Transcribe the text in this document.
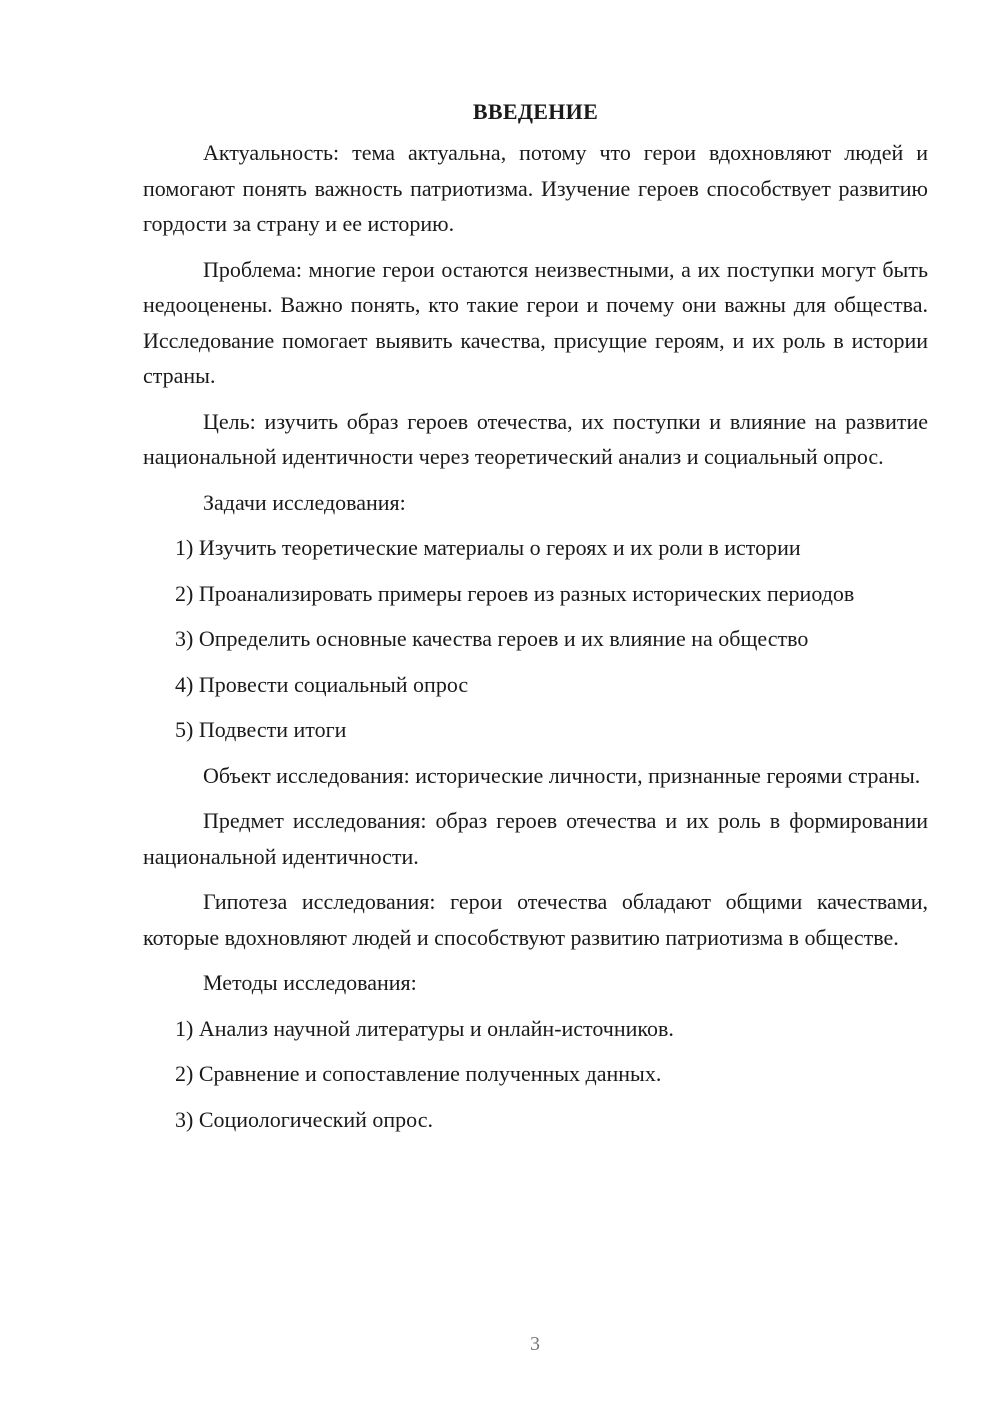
ВВЕДЕНИЕ

Актуальность: тема актуальна, потому что герои вдохновляют людей и помогают понять важность патриотизма. Изучение героев способствует развитию гордости за страну и ее историю.

Проблема: многие герои остаются неизвестными, а их поступки могут быть недооценены. Важно понять, кто такие герои и почему они важны для общества. Исследование помогает выявить качества, присущие героям, и их роль в истории страны.

Цель: изучить образ героев отечества, их поступки и влияние на развитие национальной идентичности через теоретический анализ и социальный опрос.

Задачи исследования:

1) Изучить теоретические материалы о героях и их роли в истории

2) Проанализировать примеры героев из разных исторических периодов

3) Определить основные качества героев и их влияние на общество

4) Провести социальный опрос

5) Подвести итоги

Объект исследования: исторические личности, признанные героями страны.

Предмет исследования: образ героев отечества и их роль в формировании национальной идентичности.

Гипотеза исследования: герои отечества обладают общими качествами, которые вдохновляют людей и способствуют развитию патриотизма в обществе.

Методы исследования:

1) Анализ научной литературы и онлайн-источников.

2) Сравнение и сопоставление полученных данных.

3) Социологический опрос.

3
